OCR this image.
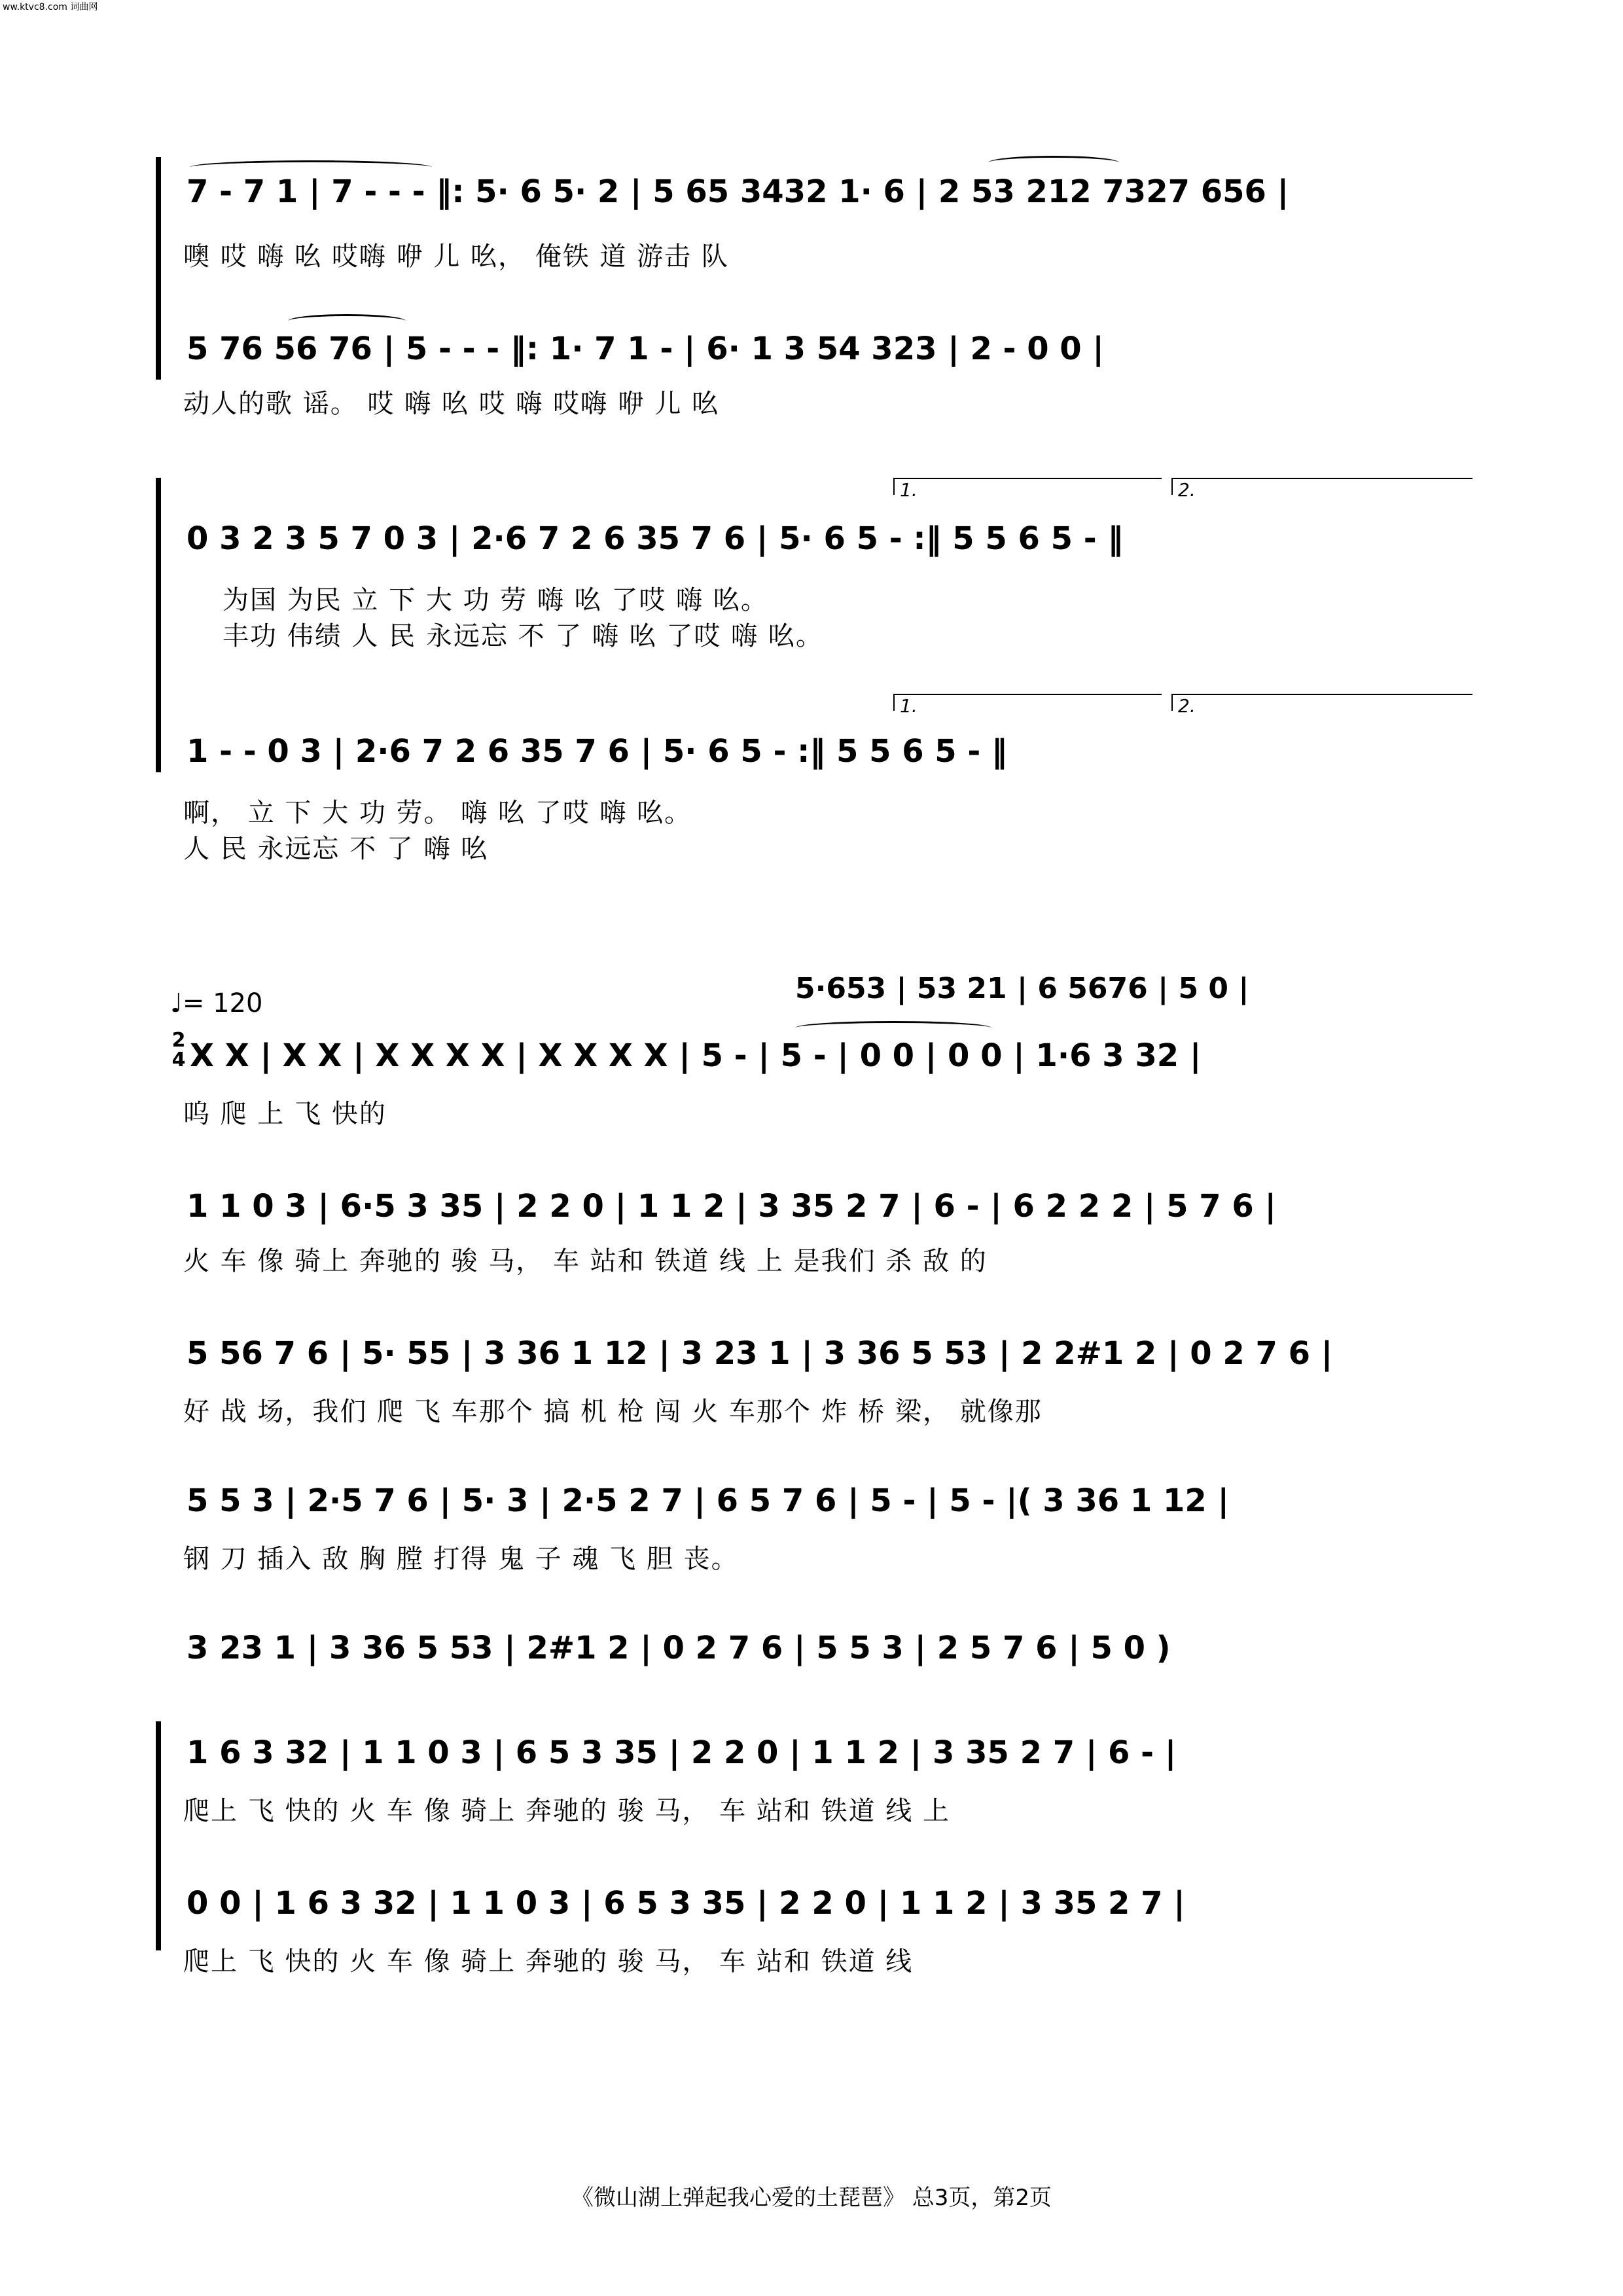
ww.ktvc8.com 词曲网
7 - 7 1 | 7 - - - ‖: 5· 6 5· 2 | 5 65 3432 1· 6 | 2 53 212 7327 656 |
噢 哎 嗨 吆 哎嗨 咿 儿 吆， 俺铁 道 游击 队
5 76 56 76 | 5 - - - ‖: 1· 7 1 - | 6· 1 3 54 323 | 2 - 0 0 |
动人的歌 谣。 哎 嗨 吆 哎 嗨 哎嗨 咿 儿 吆
1.	2.
0 3 2 3 5 7 0 3 | 2·6 7 2 6 35 7 6 | 5· 6 5 - :‖ 5 5 6 5 - ‖
为国 为民 立 下 大 功 劳 嗨 吆 了哎 嗨 吆。
丰功 伟绩 人 民 永远忘 不 了 嗨 吆 了哎 嗨 吆。
1.	2.
1 - - 0 3 | 2·6 7 2 6 35 7 6 | 5· 6 5 - :‖ 5 5 6 5 - ‖
啊， 立 下 大 功 劳。 嗨 吆 了哎 嗨 吆。
人 民 永远忘 不 了 嗨 吆
♩= 120
2
4
5·653 | 53 21 | 6 5676 | 5 0 |
X X | X X | X X X X | X X X X | 5 - | 5 - | 0 0 | 0 0 | 1·6 3 32 |
呜 爬 上 飞 快的
1 1 0 3 | 6·5 3 35 | 2 2 0 | 1 1 2 | 3 35 2 7 | 6 - | 6 2 2 2 | 5 7 6 |
火 车 像 骑上 奔驰的 骏 马， 车 站和 铁道 线 上 是我们 杀 敌 的
5 56 7 6 | 5· 55 | 3 36 1 12 | 3 23 1 | 3 36 5 53 | 2 2#1 2 | 0 2 7 6 |
好 战 场，我们 爬 飞 车那个 搞 机 枪 闯 火 车那个 炸 桥 梁， 就像那
5 5 3 | 2·5 7 6 | 5· 3 | 2·5 2 7 | 6 5 7 6 | 5 - | 5 - |( 3 36 1 12 |
钢 刀 插入 敌 胸 膛 打得 鬼 子 魂 飞 胆 丧。
3 23 1 | 3 36 5 53 | 2#1 2 | 0 2 7 6 | 5 5 3 | 2 5 7 6 | 5 0 )
1 6 3 32 | 1 1 0 3 | 6 5 3 35 | 2 2 0 | 1 1 2 | 3 35 2 7 | 6 - |
爬上 飞 快的 火 车 像 骑上 奔驰的 骏 马， 车 站和 铁道 线 上
0 0 | 1 6 3 32 | 1 1 0 3 | 6 5 3 35 | 2 2 0 | 1 1 2 | 3 35 2 7 |
爬上 飞 快的 火 车 像 骑上 奔驰的 骏 马， 车 站和 铁道 线
《微山湖上弹起我心爱的土琵琶》 总3页，第2页
